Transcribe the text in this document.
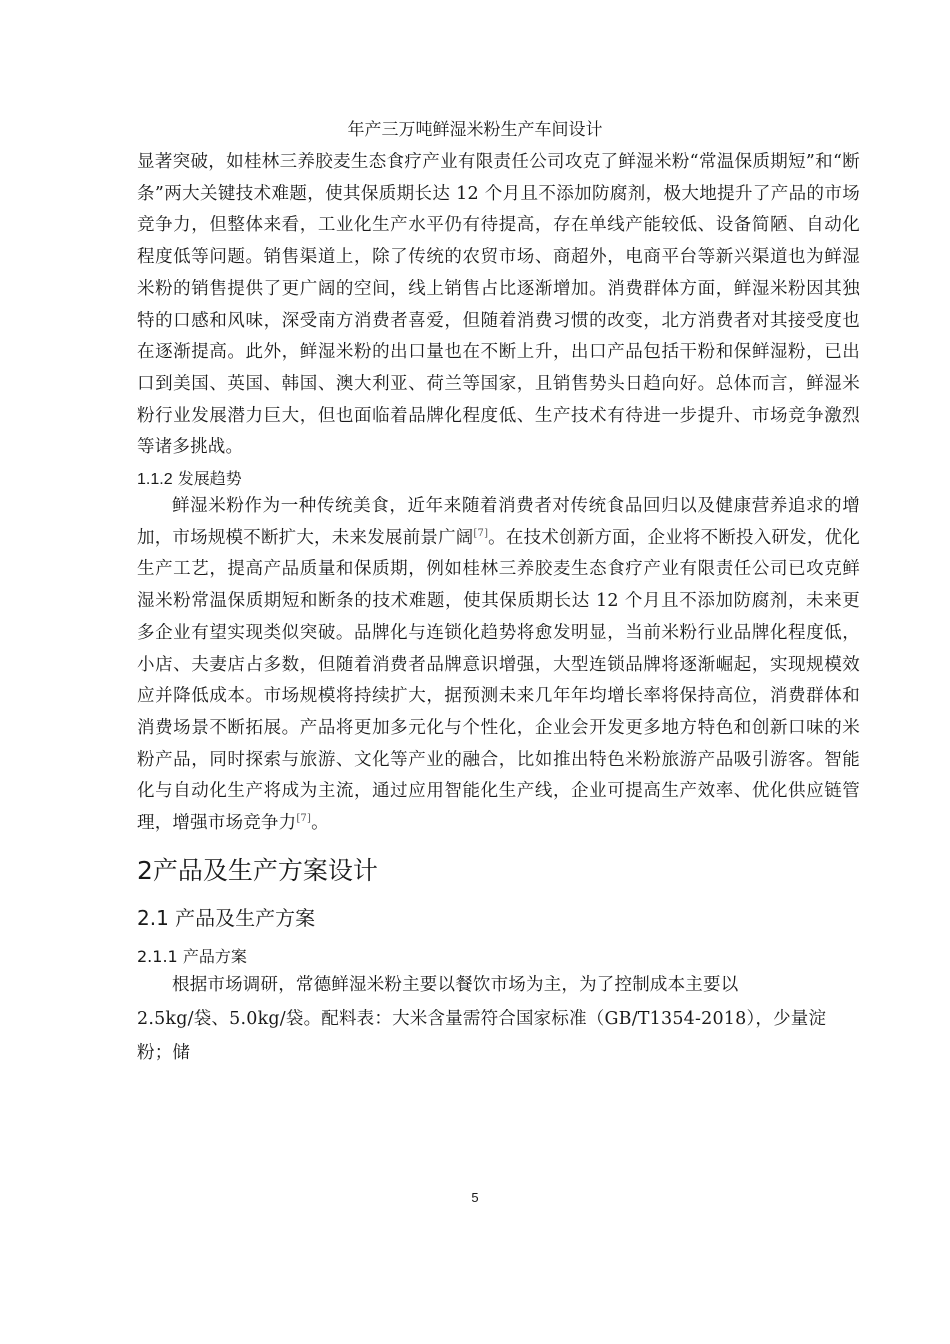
年产三万吨鲜湿米粉生产车间设计

显著突破，如桂林三养胶麦生态食疗产业有限责任公司攻克了鲜湿米粉“常温保质期短”和“断条”两大关键技术难题，使其保质期长达 12 个月且不添加防腐剂，极大地提升了产品的市场竞争力，但整体来看，工业化生产水平仍有待提高，存在单线产能较低、设备简陋、自动化程度低等问题。销售渠道上，除了传统的农贸市场、商超外，电商平台等新兴渠道也为鲜湿米粉的销售提供了更广阔的空间，线上销售占比逐渐增加。消费群体方面，鲜湿米粉因其独特的口感和风味，深受南方消费者喜爱，但随着消费习惯的改变，北方消费者对其接受度也在逐渐提高。此外，鲜湿米粉的出口量也在不断上升，出口产品包括干粉和保鲜湿粉，已出口到美国、英国、韩国、澳大利亚、荷兰等国家，且销售势头日趋向好。总体而言，鲜湿米粉行业发展潜力巨大，但也面临着品牌化程度低、生产技术有待进一步提升、市场竞争激烈等诸多挑战。

1.1.2 发展趋势

鲜湿米粉作为一种传统美食，近年来随着消费者对传统食品回归以及健康营养追求的增加，市场规模不断扩大，未来发展前景广阔[7]。在技术创新方面，企业将不断投入研发，优化生产工艺，提高产品质量和保质期，例如桂林三养胶麦生态食疗产业有限责任公司已攻克鲜湿米粉常温保质期短和断条的技术难题，使其保质期长达 12 个月且不添加防腐剂，未来更多企业有望实现类似突破。品牌化与连锁化趋势将愈发明显，当前米粉行业品牌化程度低，小店、夫妻店占多数，但随着消费者品牌意识增强，大型连锁品牌将逐渐崛起，实现规模效应并降低成本。市场规模将持续扩大，据预测未来几年年均增长率将保持高位，消费群体和消费场景不断拓展。产品将更加多元化与个性化，企业会开发更多地方特色和创新口味的米粉产品，同时探索与旅游、文化等产业的融合，比如推出特色米粉旅游产品吸引游客。智能化与自动化生产将成为主流，通过应用智能化生产线，企业可提高生产效率、优化供应链管理，增强市场竞争力[7]。

2产品及生产方案设计
2.1 产品及生产方案
2.1.1 产品方案
根据市场调研，常德鲜湿米粉主要以餐饮市场为主，为了控制成本主要以
2.5kg/袋、5.0kg/袋。配料表：大米含量需符合国家标准（GB/T1354-2018），少量淀
粉；储
5
